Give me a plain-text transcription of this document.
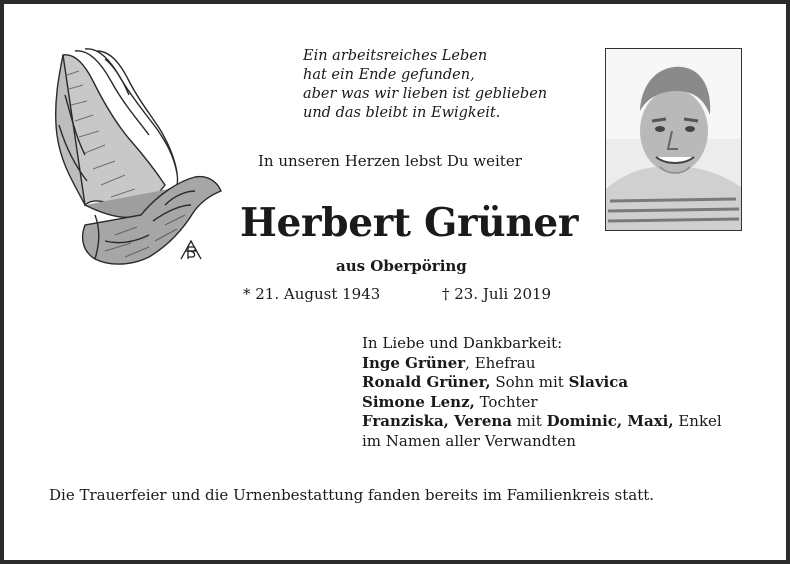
Ein arbeitsreiches Leben
hat ein Ende gefunden,
aber was wir lieben ist geblieben
und das bleibt in Ewigkeit.
In unseren Herzen lebst Du weiter
Herbert Grüner
aus Oberpöring
* 21. August 1943	† 23. Juli 2019
In Liebe und Dankbarkeit:
Inge Grüner, Ehefrau
Ronald Grüner, Sohn mit Slavica
Simone Lenz, Tochter
Franziska, Verena mit Dominic, Maxi, Enkel
im Namen aller Verwandten
Die Trauerfeier und die Urnenbestattung fanden bereits im Familienkreis statt.
